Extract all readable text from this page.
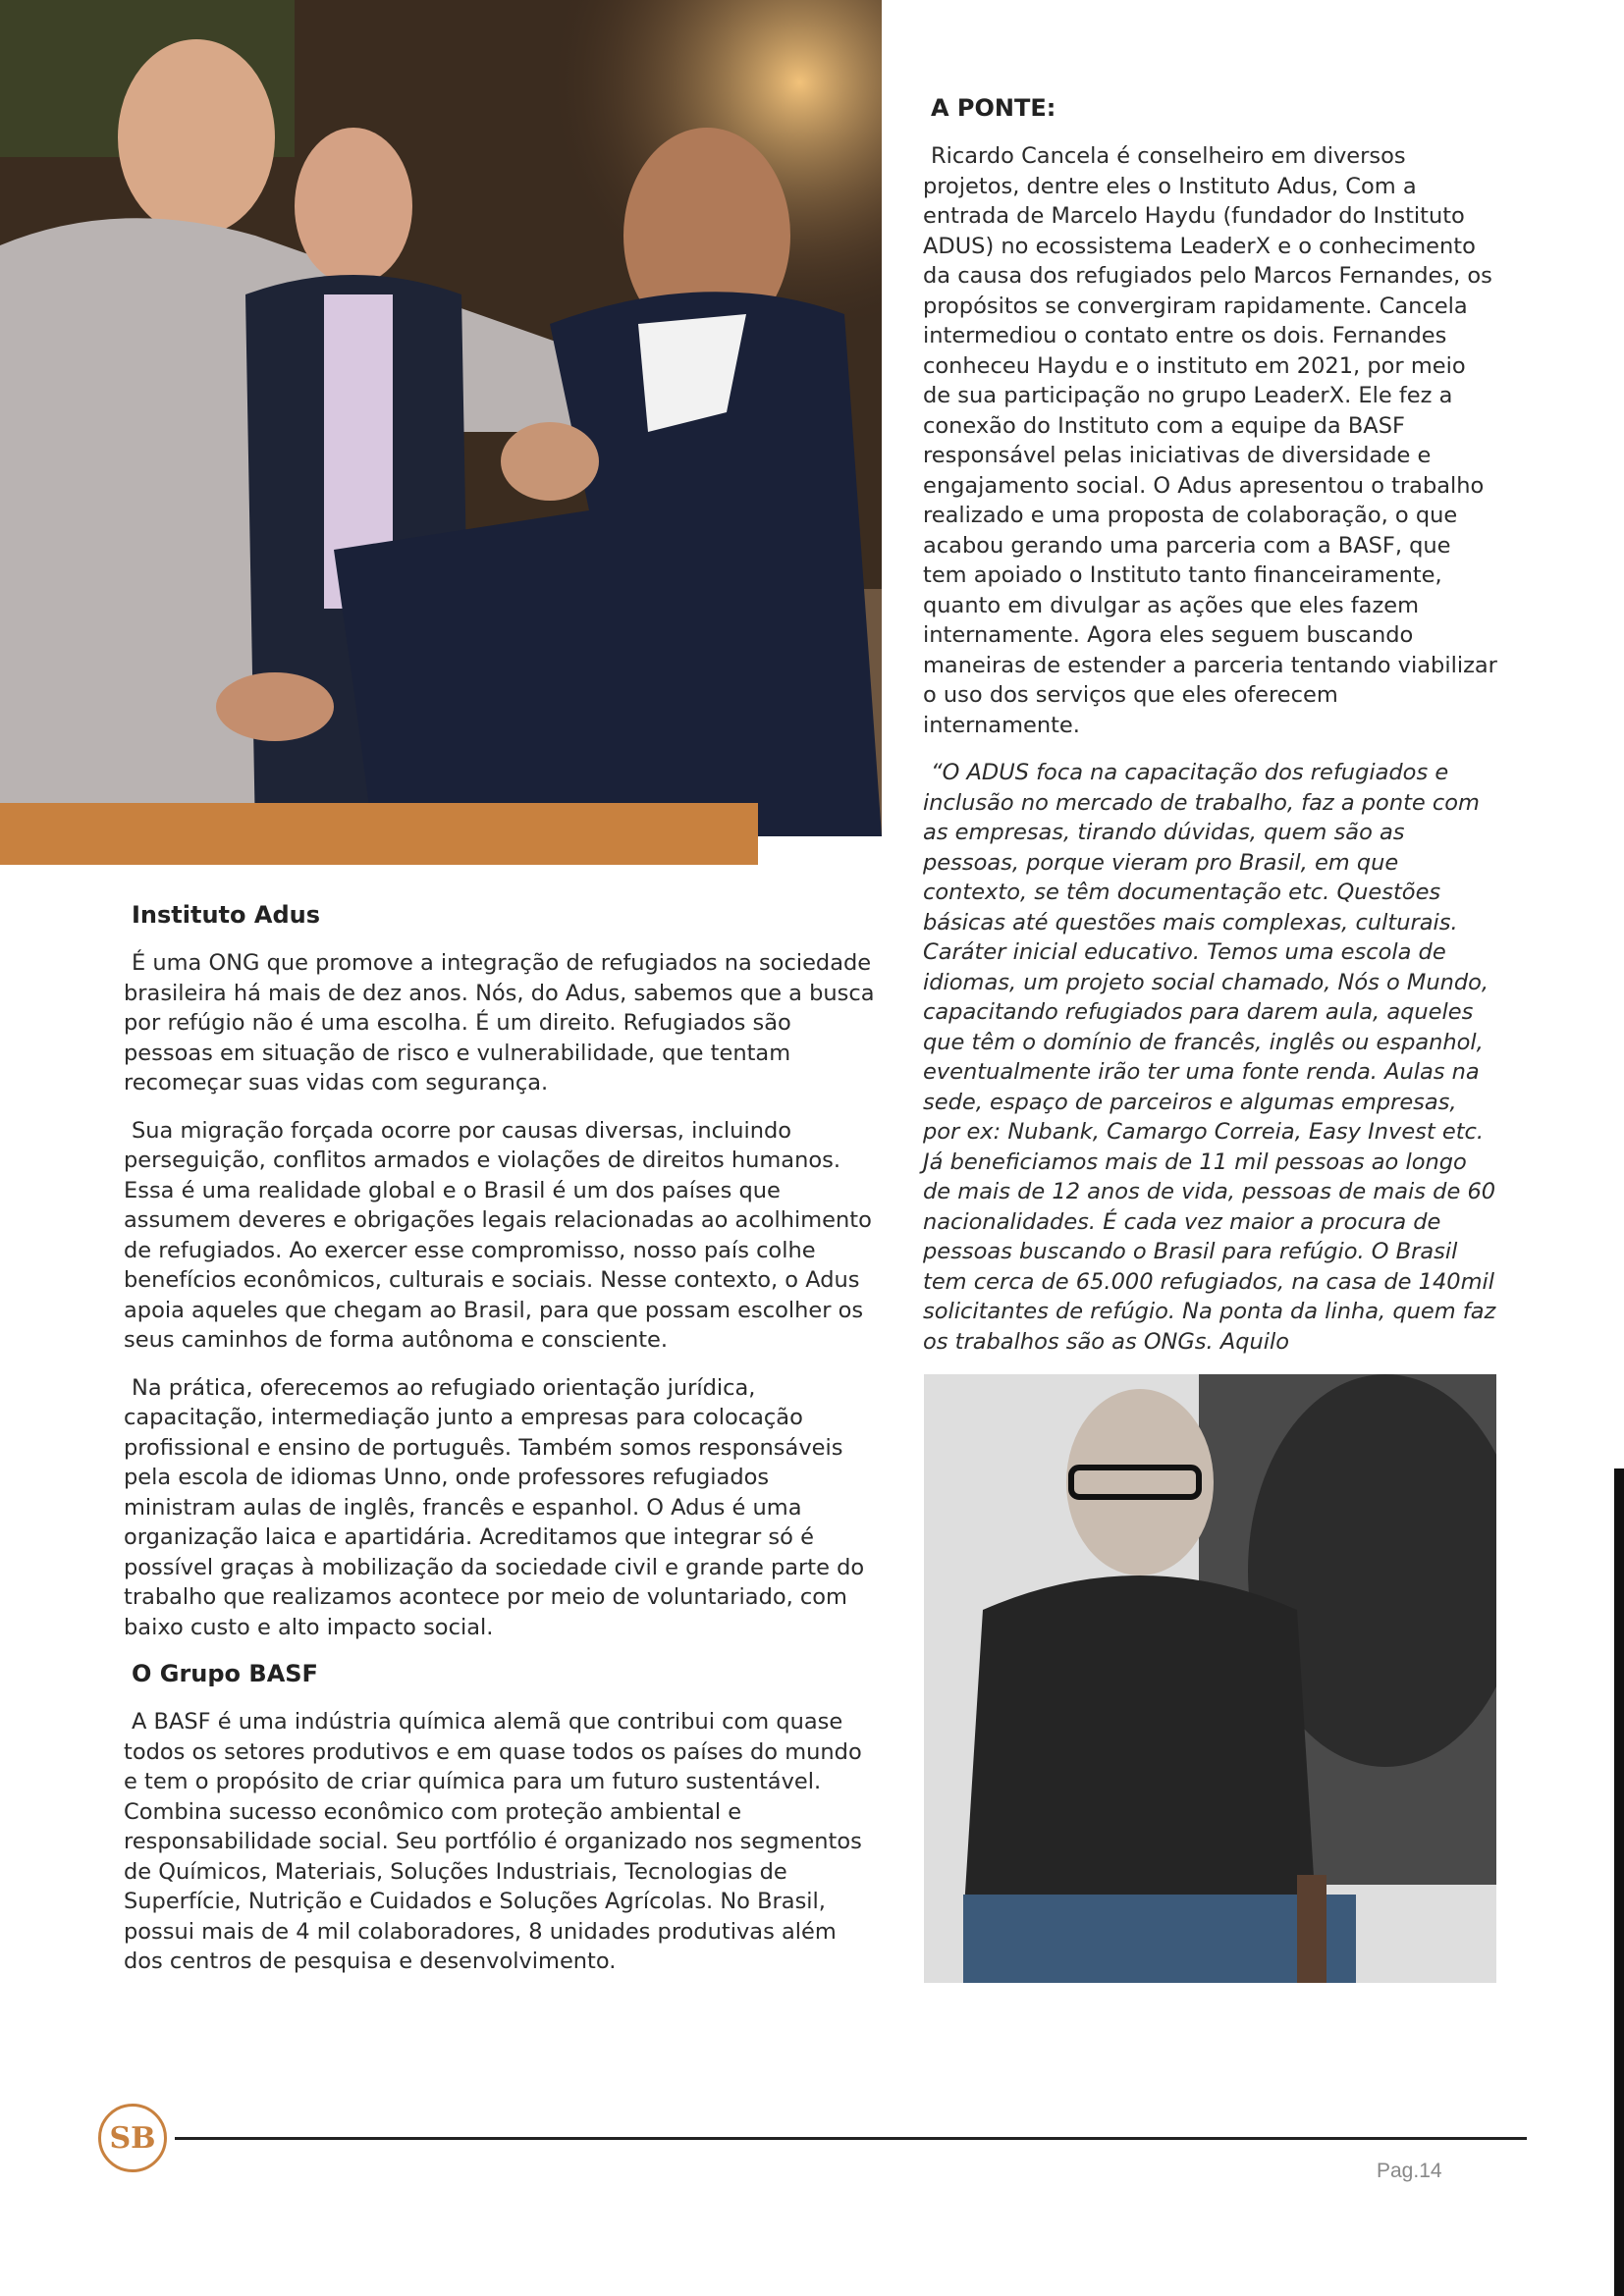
A PONTE:

Ricardo Cancela é conselheiro em diversos projetos, dentre eles o Instituto Adus, Com a entrada de Marcelo Haydu (fundador do Instituto ADUS) no ecossistema LeaderX e o conhecimento da causa dos refugiados pelo Marcos Fernandes, os propósitos se convergiram rapidamente. Cancela intermediou o contato entre os dois. Fernandes conheceu Haydu e o instituto em 2021, por meio de sua participação no grupo LeaderX. Ele fez a conexão do Instituto com a equipe da BASF responsável pelas iniciativas de diversidade e engajamento social. O Adus apresentou o trabalho realizado e uma proposta de colaboração, o que acabou gerando uma parceria com a BASF, que tem apoiado o Instituto tanto financeiramente, quanto em divulgar as ações que eles fazem internamente. Agora eles seguem buscando maneiras de estender a parceria tentando viabilizar o uso dos serviços que eles oferecem internamente.

“O ADUS foca na capacitação dos refugiados e inclusão no mercado de trabalho, faz a ponte com as empresas, tirando dúvidas, quem são as pessoas, porque vieram pro Brasil, em que contexto, se têm documentação etc. Questões básicas até questões mais complexas, culturais. Caráter inicial educativo. Temos uma escola de idiomas, um projeto social chamado, Nós o Mundo, capacitando refugiados para darem aula, aqueles que têm o domínio de francês, inglês ou espanhol, eventualmente irão ter uma fonte renda. Aulas na sede, espaço de parceiros e algumas empresas, por ex: Nubank, Camargo Correia, Easy Invest etc. Já beneficiamos mais de 11 mil pessoas ao longo de mais de 12 anos de vida, pessoas de mais de 60 nacionalidades. É cada vez maior a procura de pessoas buscando o Brasil para refúgio. O Brasil tem cerca de 65.000 refugiados, na casa de 140mil solicitantes de refúgio. Na ponta da linha, quem faz os trabalhos são as ONGs. Aquilo

Instituto Adus

É uma ONG que promove a integração de refugiados na sociedade brasileira há mais de dez anos. Nós, do Adus, sabemos que a busca por refúgio não é uma escolha. É um direito. Refugiados são pessoas em situação de risco e vulnerabilidade, que tentam recomeçar suas vidas com segurança.

Sua migração forçada ocorre por causas diversas, incluindo perseguição, conflitos armados e violações de direitos humanos. Essa é uma realidade global e o Brasil é um dos países que assumem deveres e obrigações legais relacionadas ao acolhimento de refugiados. Ao exercer esse compromisso, nosso país colhe benefícios econômicos, culturais e sociais. Nesse contexto, o Adus apoia aqueles que chegam ao Brasil, para que possam escolher os seus caminhos de forma autônoma e consciente.

Na prática, oferecemos ao refugiado orientação jurídica, capacitação, intermediação junto a empresas para colocação profissional e ensino de português. Também somos responsáveis pela escola de idiomas Unno, onde professores refugiados ministram aulas de inglês, francês e espanhol. O Adus é uma organização laica e apartidária. Acreditamos que integrar só é possível graças à mobilização da sociedade civil e grande parte do trabalho que realizamos acontece por meio de voluntariado, com baixo custo e alto impacto social.

O Grupo BASF

A BASF é uma indústria química alemã que contribui com quase todos os setores produtivos e em quase todos os países do mundo e tem o propósito de criar química para um futuro sustentável. Combina sucesso econômico com proteção ambiental e responsabilidade social. Seu portfólio é organizado nos segmentos de Químicos, Materiais, Soluções Industriais, Tecnologias de Superfície, Nutrição e Cuidados e Soluções Agrícolas. No Brasil, possui mais de 4 mil colaboradores, 8 unidades produtivas além dos centros de pesquisa e desenvolvimento.

SB
Pag.14
